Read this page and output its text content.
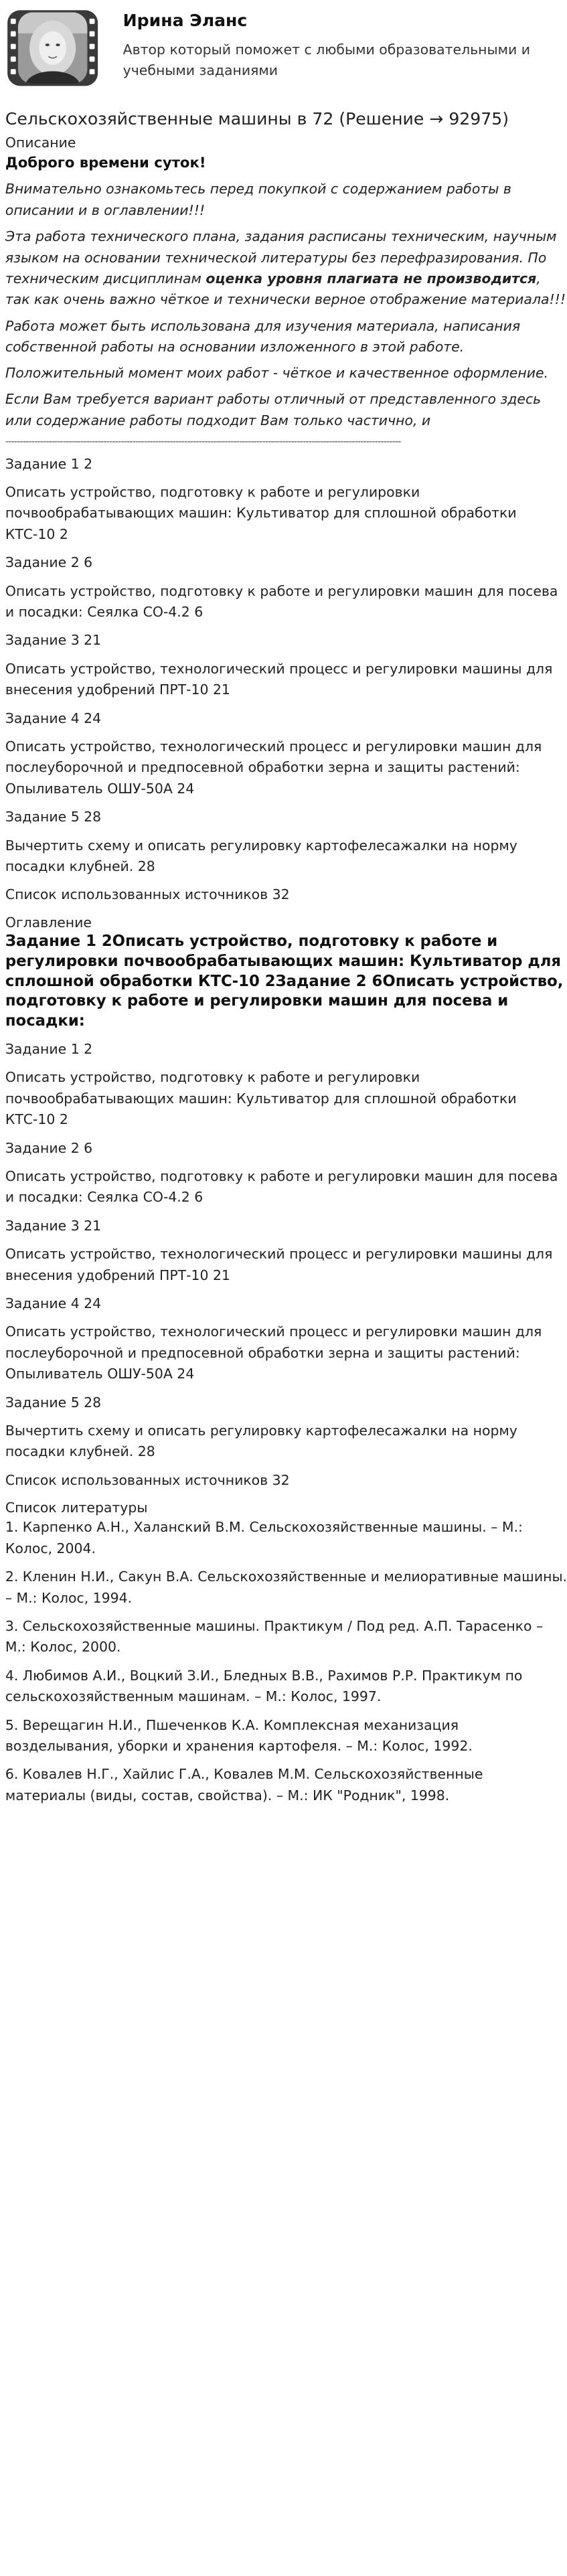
Ирина Эланс
Автор который поможет с любыми образовательными и учебными заданиями
Сельскохозяйственные машины в 72 (Решение → 92975)
Описание
Доброго времени суток!

Внимательно ознакомьтесь перед покупкой с содержанием работы в описании и в оглавлении!!!

Эта работа технического плана, задания расписаны техническим, научным языком на основании технической литературы без перефразирования. По техническим дисциплинам оценка уровня плагиата не производится, так как очень важно чёткое и технически верное отображение материала!!!

Работа может быть использована для изучения материала, написания собственной работы на основании изложенного в этой работе.

Положительный момент моих работ - чёткое и качественное оформление.

Если Вам требуется вариант работы отличный от представленного здесь или содержание работы подходит Вам только частично, и

-----------------------------------------------------------------------------------------------------------------------------------------

Задание 1 2

Описать устройство, подготовку к работе и регулировки почвообрабатывающих машин: Культиватор для сплошной обработки КТС-10 2

Задание 2 6

Описать устройство, подготовку к работе и регулировки машин для посева и посадки: Сеялка СО-4.2 6

Задание 3 21

Описать устройство, технологический процесс и регулировки машины для внесения удобрений ПРТ-10 21

Задание 4 24

Описать устройство, технологический процесс и регулировки машин для послеуборочной и предпосевной обработки зерна и защиты растений: Опыливатель ОШУ-50А 24

Задание 5 28

Вычертить схему и описать регулировку картофелесажалки на норму посадки клубней. 28

Список использованных источников 32

Оглавление
Задание 1 2Описать устройство, подготовку к работе и регулировки почвообрабатывающих машин: Культиватор для сплошной обработки КТС-10 2Задание 2 6Описать устройство, подготовку к работе и регулировки машин для посева и посадки:

Задание 1 2

Описать устройство, подготовку к работе и регулировки почвообрабатывающих машин: Культиватор для сплошной обработки КТС-10 2

Задание 2 6

Описать устройство, подготовку к работе и регулировки машин для посева и посадки: Сеялка СО-4.2 6

Задание 3 21

Описать устройство, технологический процесс и регулировки машины для внесения удобрений ПРТ-10 21

Задание 4 24

Описать устройство, технологический процесс и регулировки машин для послеуборочной и предпосевной обработки зерна и защиты растений: Опыливатель ОШУ-50А 24

Задание 5 28

Вычертить схему и описать регулировку картофелесажалки на норму посадки клубней. 28

Список использованных источников 32

Список литературы

1. Карпенко А.Н., Халанский В.М. Сельскохозяйственные машины. – М.: Колос, 2004.

2. Кленин Н.И., Сакун В.А. Сельскохозяйственные и мелиоративные машины. – М.: Колос, 1994.

3. Сельскохозяйственные машины. Практикум / Под ред. А.П. Тарасенко – М.: Колос, 2000.

4. Любимов А.И., Воцкий З.И., Бледных В.В., Рахимов Р.Р. Практикум по сельскохозяйственным машинам. – М.: Колос, 1997.

5. Верещагин Н.И., Пшеченков К.А. Комплексная механизация возделывания, уборки и хранения картофеля. – М.: Колос, 1992.

6. Ковалев Н.Г., Хайлис Г.А., Ковалев М.М. Сельскохозяйственные материалы (виды, состав, свойства). – М.: ИК "Родник", 1998.
